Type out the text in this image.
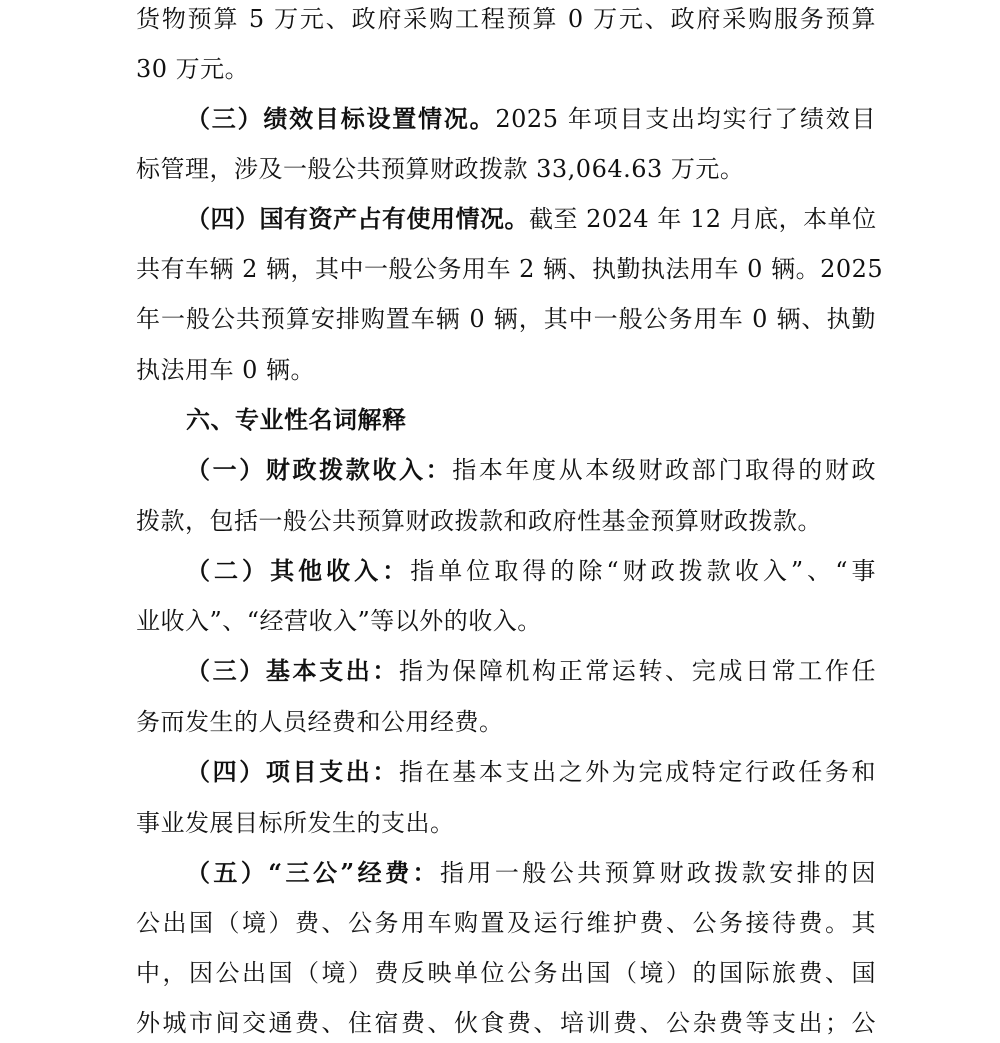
货物预算 5 万元、政府采购工程预算 0 万元、政府采购服务预算
30 万元。
（三）绩效目标设置情况。2025 年项目支出均实行了绩效目
标管理，涉及一般公共预算财政拨款 33,064.63 万元。
（四）国有资产占有使用情况。截至 2024 年 12 月底，本单位
共有车辆 2 辆，其中一般公务用车 2 辆、执勤执法用车 0 辆。2025
年一般公共预算安排购置车辆 0 辆，其中一般公务用车 0 辆、执勤
执法用车 0 辆。
六、专业性名词解释
（一）财政拨款收入：指本年度从本级财政部门取得的财政
拨款，包括一般公共预算财政拨款和政府性基金预算财政拨款。
（二）其他收入：指单位取得的除“财政拨款收入”、“事
业收入”、“经营收入”等以外的收入。
（三）基本支出：指为保障机构正常运转、完成日常工作任
务而发生的人员经费和公用经费。
（四）项目支出：指在基本支出之外为完成特定行政任务和
事业发展目标所发生的支出。
（五）“三公”经费：指用一般公共预算财政拨款安排的因
公出国（境）费、公务用车购置及运行维护费、公务接待费。其
中，因公出国（境）费反映单位公务出国（境）的国际旅费、国
外城市间交通费、住宿费、伙食费、培训费、公杂费等支出；公
